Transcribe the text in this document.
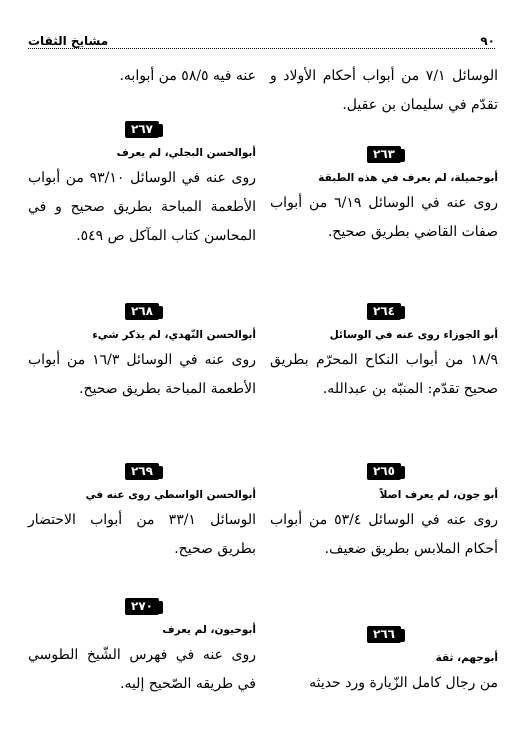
مشايخ الثقات	٩٠
الوسائل ٧/١ من أبواب أحكام الأولاد و تقدّم في سليمان بن عقيل.
٢٦٣
أبوجميلة، لم يعرف في هذه الطبقة
روى عنه في الوسائل ٦/١٩ من أبواب صفات القاضي بطريق صحيح.
٢٦٤
أبو الجوزاء روى عنه في الوسائل
١٨/٩ من أبواب النكاح المحرّم بطريق صحيح تقدّم: المنبّه بن عبدالله.
٢٦٥
أبو جون، لم يعرف اصلاً
روى عنه في الوسائل ٥٣/٤ من أبواب أحكام الملابس بطريق ضعيف.
٢٦٦
أبوجهم، ثقة
من رجال كامل الزّيارة ورد حديثه
عنه فيه ٥٨/٥ من أبوابه.
٢٦٧
أبوالحسن البجلي، لم يعرف
روى عنه في الوسائل ٩٣/١٠ من أبواب الأطعمة المباحة بطريق صحيح و في المحاسن كتاب المآكل ص ٥٤٩.
٢٦٨
أبوالحسن النّهدي، لم يذكر شيء
روى عنه في الوسائل ١٦/٣ من أبواب الأطعمة المباحة بطريق صحيح.
٢٦٩
أبوالحسن الواسطي روى عنه في
الوسائل ٣٣/١ من أبواب الاحتضار بطريق صحيح.
٢٧٠
أبوحيون، لم يعرف
روى عنه في فهرس الشّيخ الطوسي في طريقه الصّحيح إليه.
